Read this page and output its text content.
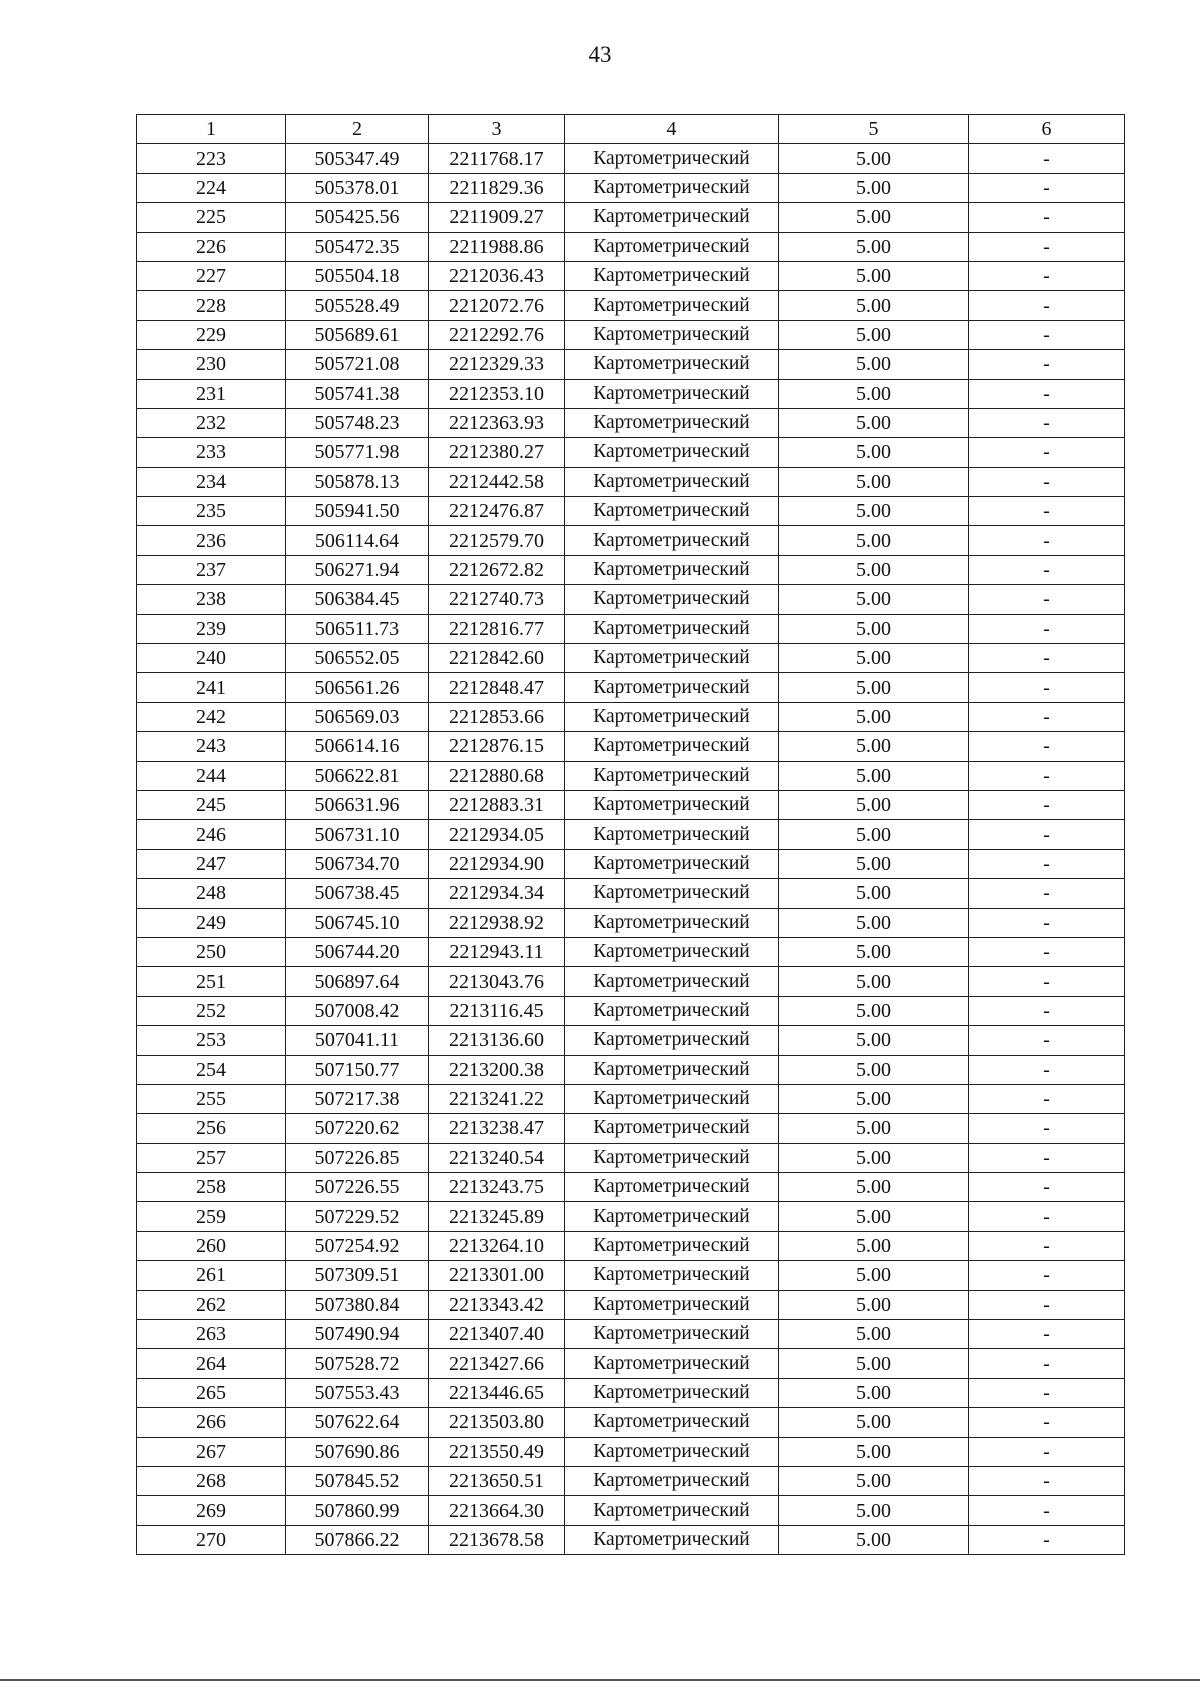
43
1	2	3	4	5	6
223	505347.49	2211768.17	Картометрический	5.00	-
224	505378.01	2211829.36	Картометрический	5.00	-
225	505425.56	2211909.27	Картометрический	5.00	-
226	505472.35	2211988.86	Картометрический	5.00	-
227	505504.18	2212036.43	Картометрический	5.00	-
228	505528.49	2212072.76	Картометрический	5.00	-
229	505689.61	2212292.76	Картометрический	5.00	-
230	505721.08	2212329.33	Картометрический	5.00	-
231	505741.38	2212353.10	Картометрический	5.00	-
232	505748.23	2212363.93	Картометрический	5.00	-
233	505771.98	2212380.27	Картометрический	5.00	-
234	505878.13	2212442.58	Картометрический	5.00	-
235	505941.50	2212476.87	Картометрический	5.00	-
236	506114.64	2212579.70	Картометрический	5.00	-
237	506271.94	2212672.82	Картометрический	5.00	-
238	506384.45	2212740.73	Картометрический	5.00	-
239	506511.73	2212816.77	Картометрический	5.00	-
240	506552.05	2212842.60	Картометрический	5.00	-
241	506561.26	2212848.47	Картометрический	5.00	-
242	506569.03	2212853.66	Картометрический	5.00	-
243	506614.16	2212876.15	Картометрический	5.00	-
244	506622.81	2212880.68	Картометрический	5.00	-
245	506631.96	2212883.31	Картометрический	5.00	-
246	506731.10	2212934.05	Картометрический	5.00	-
247	506734.70	2212934.90	Картометрический	5.00	-
248	506738.45	2212934.34	Картометрический	5.00	-
249	506745.10	2212938.92	Картометрический	5.00	-
250	506744.20	2212943.11	Картометрический	5.00	-
251	506897.64	2213043.76	Картометрический	5.00	-
252	507008.42	2213116.45	Картометрический	5.00	-
253	507041.11	2213136.60	Картометрический	5.00	-
254	507150.77	2213200.38	Картометрический	5.00	-
255	507217.38	2213241.22	Картометрический	5.00	-
256	507220.62	2213238.47	Картометрический	5.00	-
257	507226.85	2213240.54	Картометрический	5.00	-
258	507226.55	2213243.75	Картометрический	5.00	-
259	507229.52	2213245.89	Картометрический	5.00	-
260	507254.92	2213264.10	Картометрический	5.00	-
261	507309.51	2213301.00	Картометрический	5.00	-
262	507380.84	2213343.42	Картометрический	5.00	-
263	507490.94	2213407.40	Картометрический	5.00	-
264	507528.72	2213427.66	Картометрический	5.00	-
265	507553.43	2213446.65	Картометрический	5.00	-
266	507622.64	2213503.80	Картометрический	5.00	-
267	507690.86	2213550.49	Картометрический	5.00	-
268	507845.52	2213650.51	Картометрический	5.00	-
269	507860.99	2213664.30	Картометрический	5.00	-
270	507866.22	2213678.58	Картометрический	5.00	-
